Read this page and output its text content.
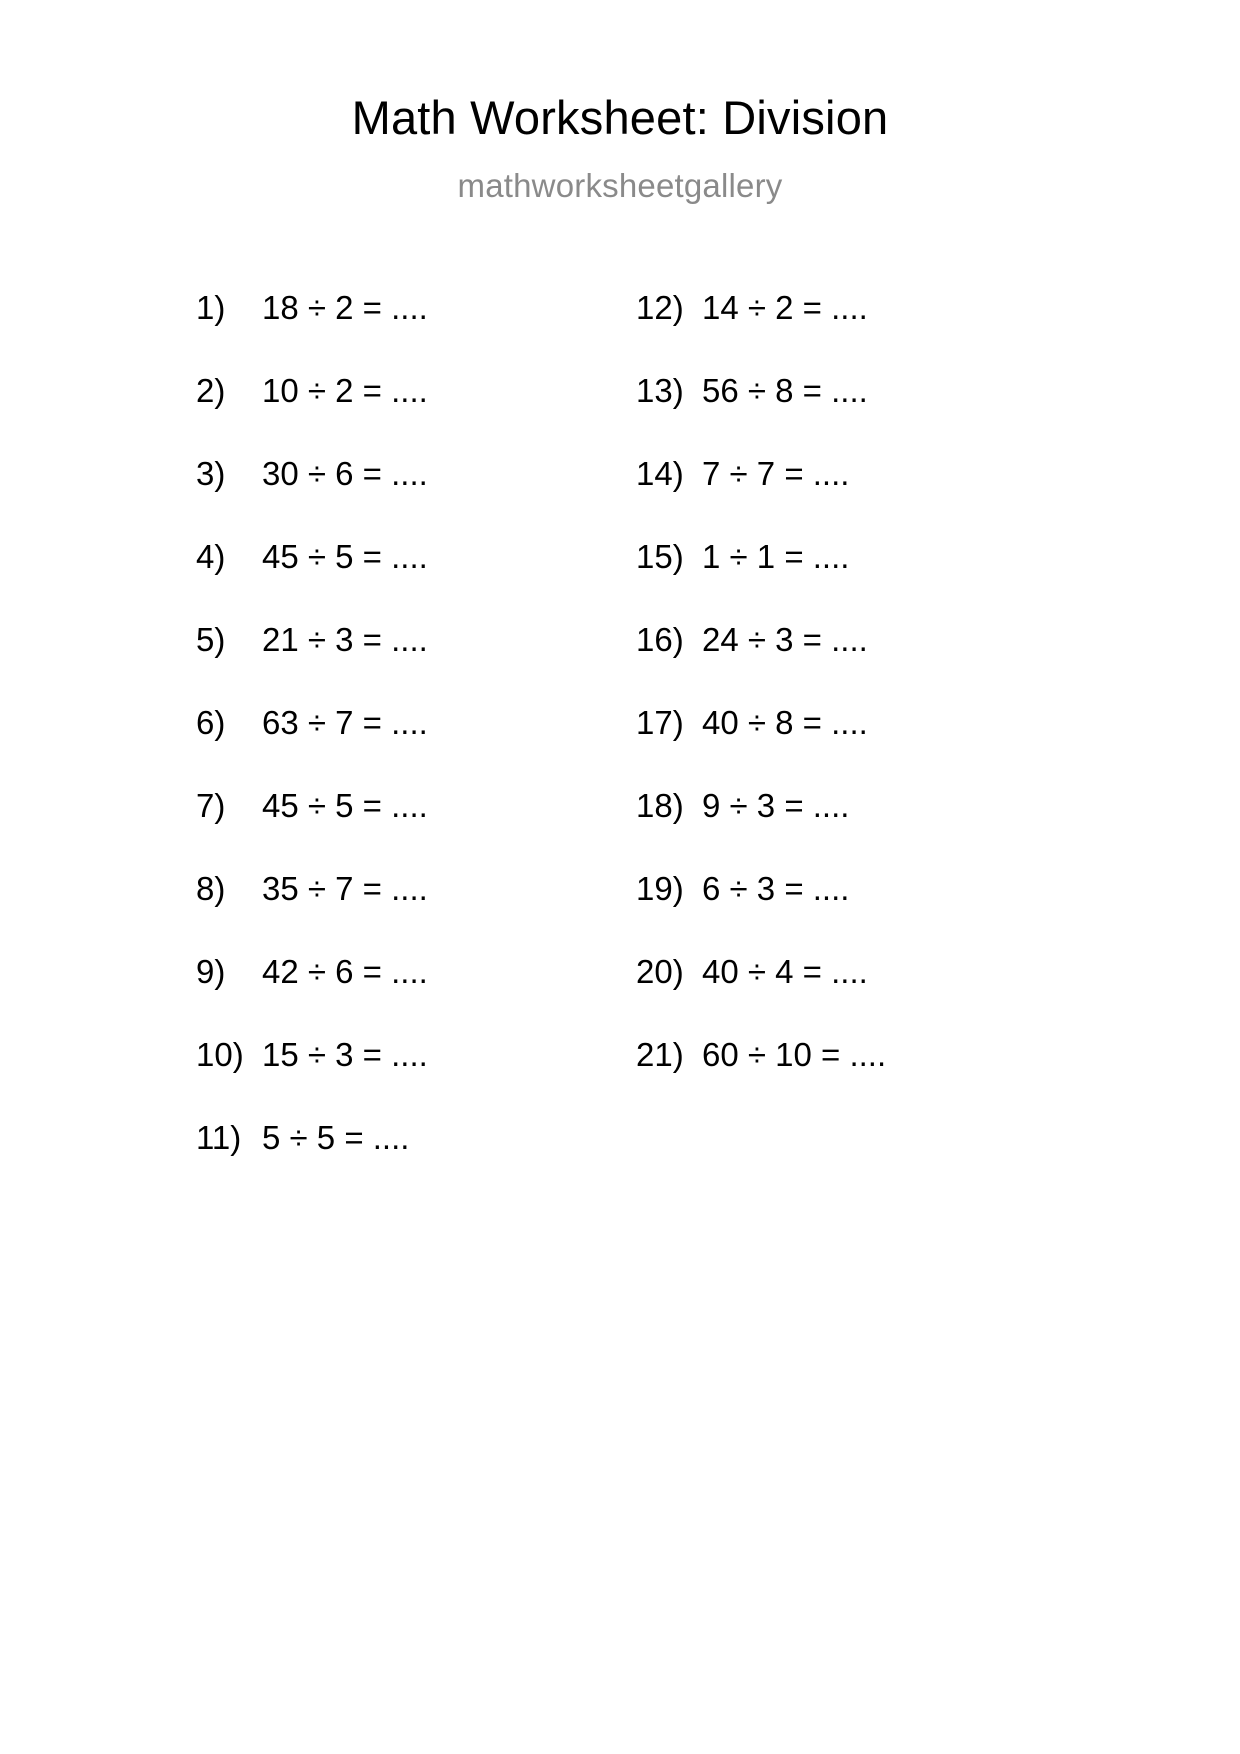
Math Worksheet: Division
mathworksheetgallery
1)	18 ÷ 2 = ....
2)	10 ÷ 2 = ....
3)	30 ÷ 6 = ....
4)	45 ÷ 5 = ....
5)	21 ÷ 3 = ....
6)	63 ÷ 7 = ....
7)	45 ÷ 5 = ....
8)	35 ÷ 7 = ....
9)	42 ÷ 6 = ....
10) 15 ÷ 3 = ....
11) 5 ÷ 5 = ....
12) 14 ÷ 2 = ....
13) 56 ÷ 8 = ....
14) 7 ÷ 7 = ....
15) 1 ÷ 1 = ....
16) 24 ÷ 3 = ....
17) 40 ÷ 8 = ....
18) 9 ÷ 3 = ....
19) 6 ÷ 3 = ....
20) 40 ÷ 4 = ....
21) 60 ÷ 10 = ....
